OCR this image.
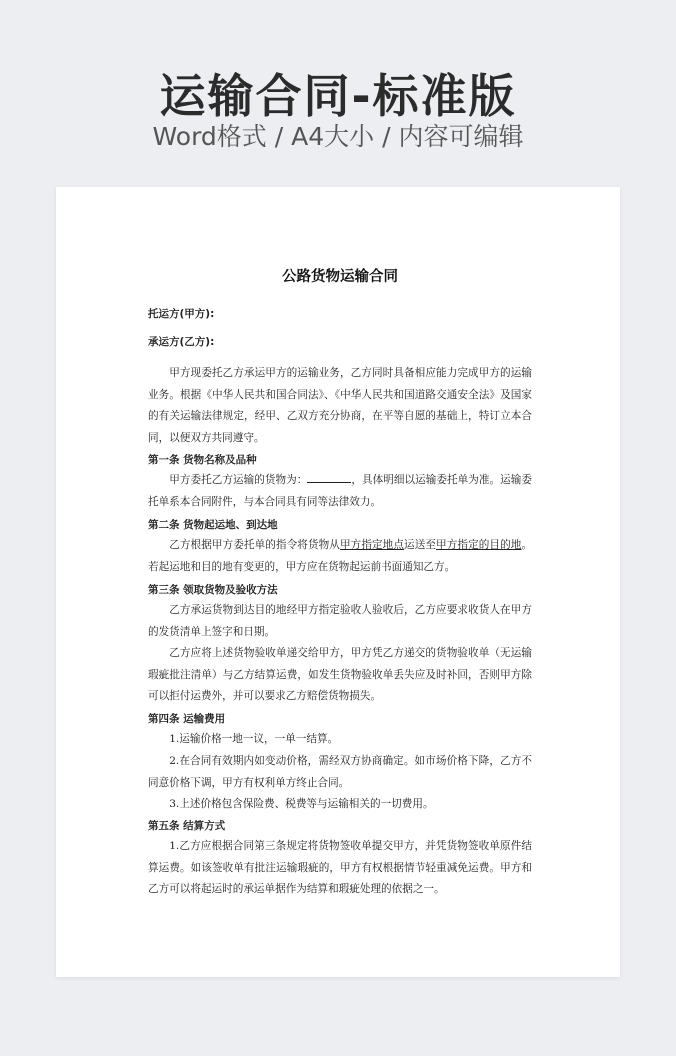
运输合同-标准版
Word格式 / A4大小 / 内容可编辑
公路货物运输合同
托运方(甲方):
承运方(乙方):
甲方现委托乙方承运甲方的运输业务，乙方同时具备相应能力完成甲方的运输业务。根据《中华人民共和国合同法》、《中华人民共和国道路交通安全法》及国家的有关运输法律规定，经甲、乙双方充分协商，在平等自愿的基础上，特订立本合同，以便双方共同遵守。
第一条 货物名称及品种
甲方委托乙方运输的货物为：	，具体明细以运输委托单为准。运输委托单系本合同附件，与本合同具有同等法律效力。
第二条 货物起运地、到达地
乙方根据甲方委托单的指令将货物从甲方指定地点运送至甲方指定的目的地。若起运地和目的地有变更的，甲方应在货物起运前书面通知乙方。
第三条 领取货物及验收方法
乙方承运货物到达目的地经甲方指定验收人验收后，乙方应要求收货人在甲方的发货清单上签字和日期。
乙方应将上述货物验收单递交给甲方，甲方凭乙方递交的货物验收单（无运输瑕疵批注清单）与乙方结算运费，如发生货物验收单丢失应及时补回，否则甲方除可以拒付运费外，并可以要求乙方赔偿货物损失。
第四条 运输费用
1.运输价格一地一议，一单一结算。
2.在合同有效期内如变动价格，需经双方协商确定。如市场价格下降，乙方不同意价格下调，甲方有权利单方终止合同。
3.上述价格包含保险费、税费等与运输相关的一切费用。
第五条 结算方式
1.乙方应根据合同第三条规定将货物签收单提交甲方，并凭货物签收单原件结算运费。如该签收单有批注运输瑕疵的，甲方有权根据情节轻重减免运费。甲方和乙方可以将起运时的承运单据作为结算和瑕疵处理的依据之一。
